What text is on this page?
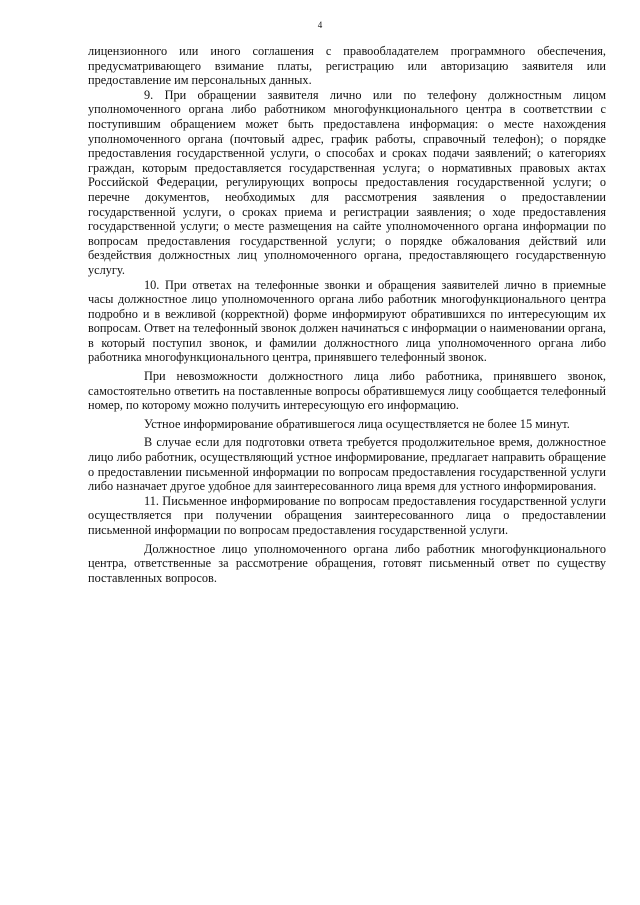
4

лицензионного или иного соглашения с правообладателем программного обеспечения, предусматривающего взимание платы, регистрацию или авторизацию заявителя или предоставление им персональных данных.

9. При обращении заявителя лично или по телефону должностным лицом уполномоченного органа либо работником многофункционального центра в соответствии с поступившим обращением может быть предоставлена информация: о месте нахождения уполномоченного органа (почтовый адрес, график работы, справочный телефон); о порядке предоставления государственной услуги, о способах и сроках подачи заявлений; о категориях граждан, которым предоставляется государственная услуга; о нормативных правовых актах Российской Федерации, регулирующих вопросы предоставления государственной услуги; о перечне документов, необходимых для рассмотрения заявления о предоставлении государственной услуги, о сроках приема и регистрации заявления; о ходе предоставления государственной услуги; о месте размещения на сайте уполномоченного органа информации по вопросам предоставления государственной услуги; о порядке обжалования действий или бездействия должностных лиц уполномоченного органа, предоставляющего государственную услугу.

10. При ответах на телефонные звонки и обращения заявителей лично в приемные часы должностное лицо уполномоченного органа либо работник многофункционального центра подробно и в вежливой (корректной) форме информируют обратившихся по интересующим их вопросам. Ответ на телефонный звонок должен начинаться с информации о наименовании органа, в который поступил звонок, и фамилии должностного лица уполномоченного органа либо работника многофункционального центра, принявшего телефонный звонок.

При невозможности должностного лица либо работника, принявшего звонок, самостоятельно ответить на поставленные вопросы обратившемуся лицу сообщается телефонный номер, по которому можно получить интересующую его информацию.

Устное информирование обратившегося лица осуществляется не более 15 минут.

В случае если для подготовки ответа требуется продолжительное время, должностное лицо либо работник, осуществляющий устное информирование, предлагает направить обращение о предоставлении письменной информации по вопросам предоставления государственной услуги либо назначает другое удобное для заинтересованного лица время для устного информирования.

11. Письменное информирование по вопросам предоставления государственной услуги осуществляется при получении обращения заинтересованного лица о предоставлении письменной информации по вопросам предоставления государственной услуги.

Должностное лицо уполномоченного органа либо работник многофункционального центра, ответственные за рассмотрение обращения, готовят письменный ответ по существу поставленных вопросов.
